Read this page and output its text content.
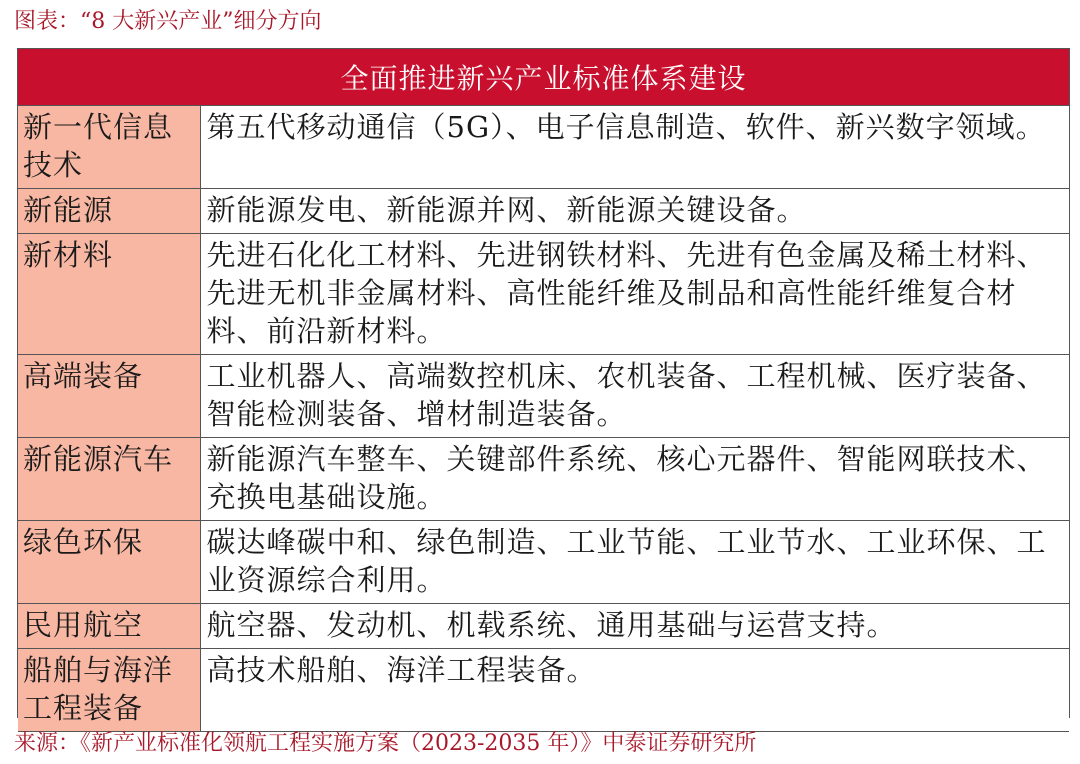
图表：“8 大新兴产业”细分方向
全面推进新兴产业标准体系建设	
新一代信息技术	第五代移动通信（5G）、电子信息制造、软件、新兴数字领域。
新能源	新能源发电、新能源并网、新能源关键设备。
新材料	先进石化化工材料、先进钢铁材料、先进有色金属及稀土材料、先进无机非金属材料、高性能纤维及制品和高性能纤维复合材料、前沿新材料。
高端装备	工业机器人、高端数控机床、农机装备、工程机械、医疗装备、智能检测装备、增材制造装备。
新能源汽车	新能源汽车整车、关键部件系统、核心元器件、智能网联技术、充换电基础设施。
绿色环保	碳达峰碳中和、绿色制造、工业节能、工业节水、工业环保、工业资源综合利用。
民用航空	航空器、发动机、机载系统、通用基础与运营支持。
船舶与海洋工程装备	高技术船舶、海洋工程装备。
来源：《新产业标准化领航工程实施方案（2023-2035 年）》中泰证券研究所
